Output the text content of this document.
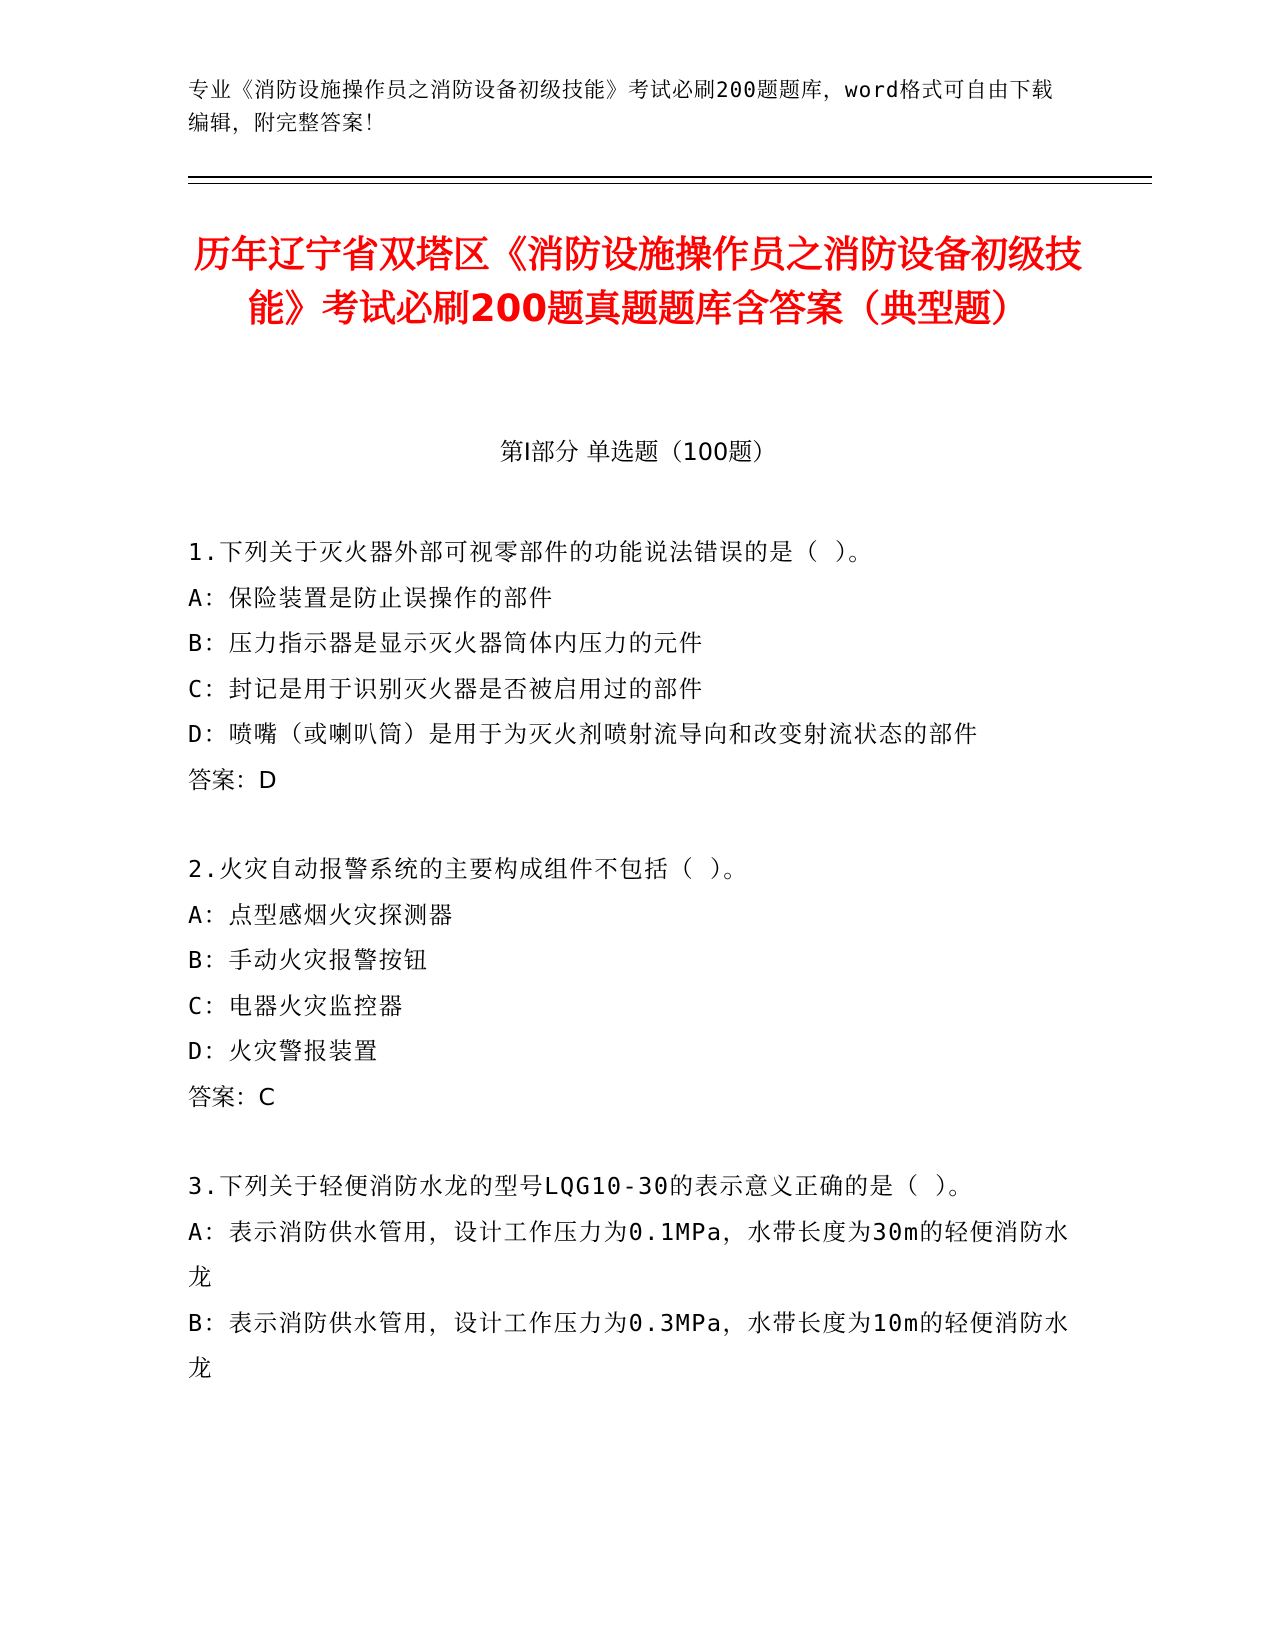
专业《消防设施操作员之消防设备初级技能》考试必刷200题题库，word格式可自由下载编辑，附完整答案！
历年辽宁省双塔区《消防设施操作员之消防设备初级技能》考试必刷200题真题题库含答案（典型题）
第Ⅰ部分 单选题（100题）
1.下列关于灭火器外部可视零部件的功能说法错误的是（ ）。
A：保险装置是防止误操作的部件
B：压力指示器是显示灭火器筒体内压力的元件
C：封记是用于识别灭火器是否被启用过的部件
D：喷嘴（或喇叭筒）是用于为灭火剂喷射流导向和改变射流状态的部件
答案：D
2.火灾自动报警系统的主要构成组件不包括（ ）。
A：点型感烟火灾探测器
B：手动火灾报警按钮
C：电器火灾监控器
D：火灾警报装置
答案：C
3.下列关于轻便消防水龙的型号LQG10-30的表示意义正确的是（ ）。
A：表示消防供水管用，设计工作压力为0.1MPa，水带长度为30m的轻便消防水龙
B：表示消防供水管用，设计工作压力为0.3MPa，水带长度为10m的轻便消防水龙
